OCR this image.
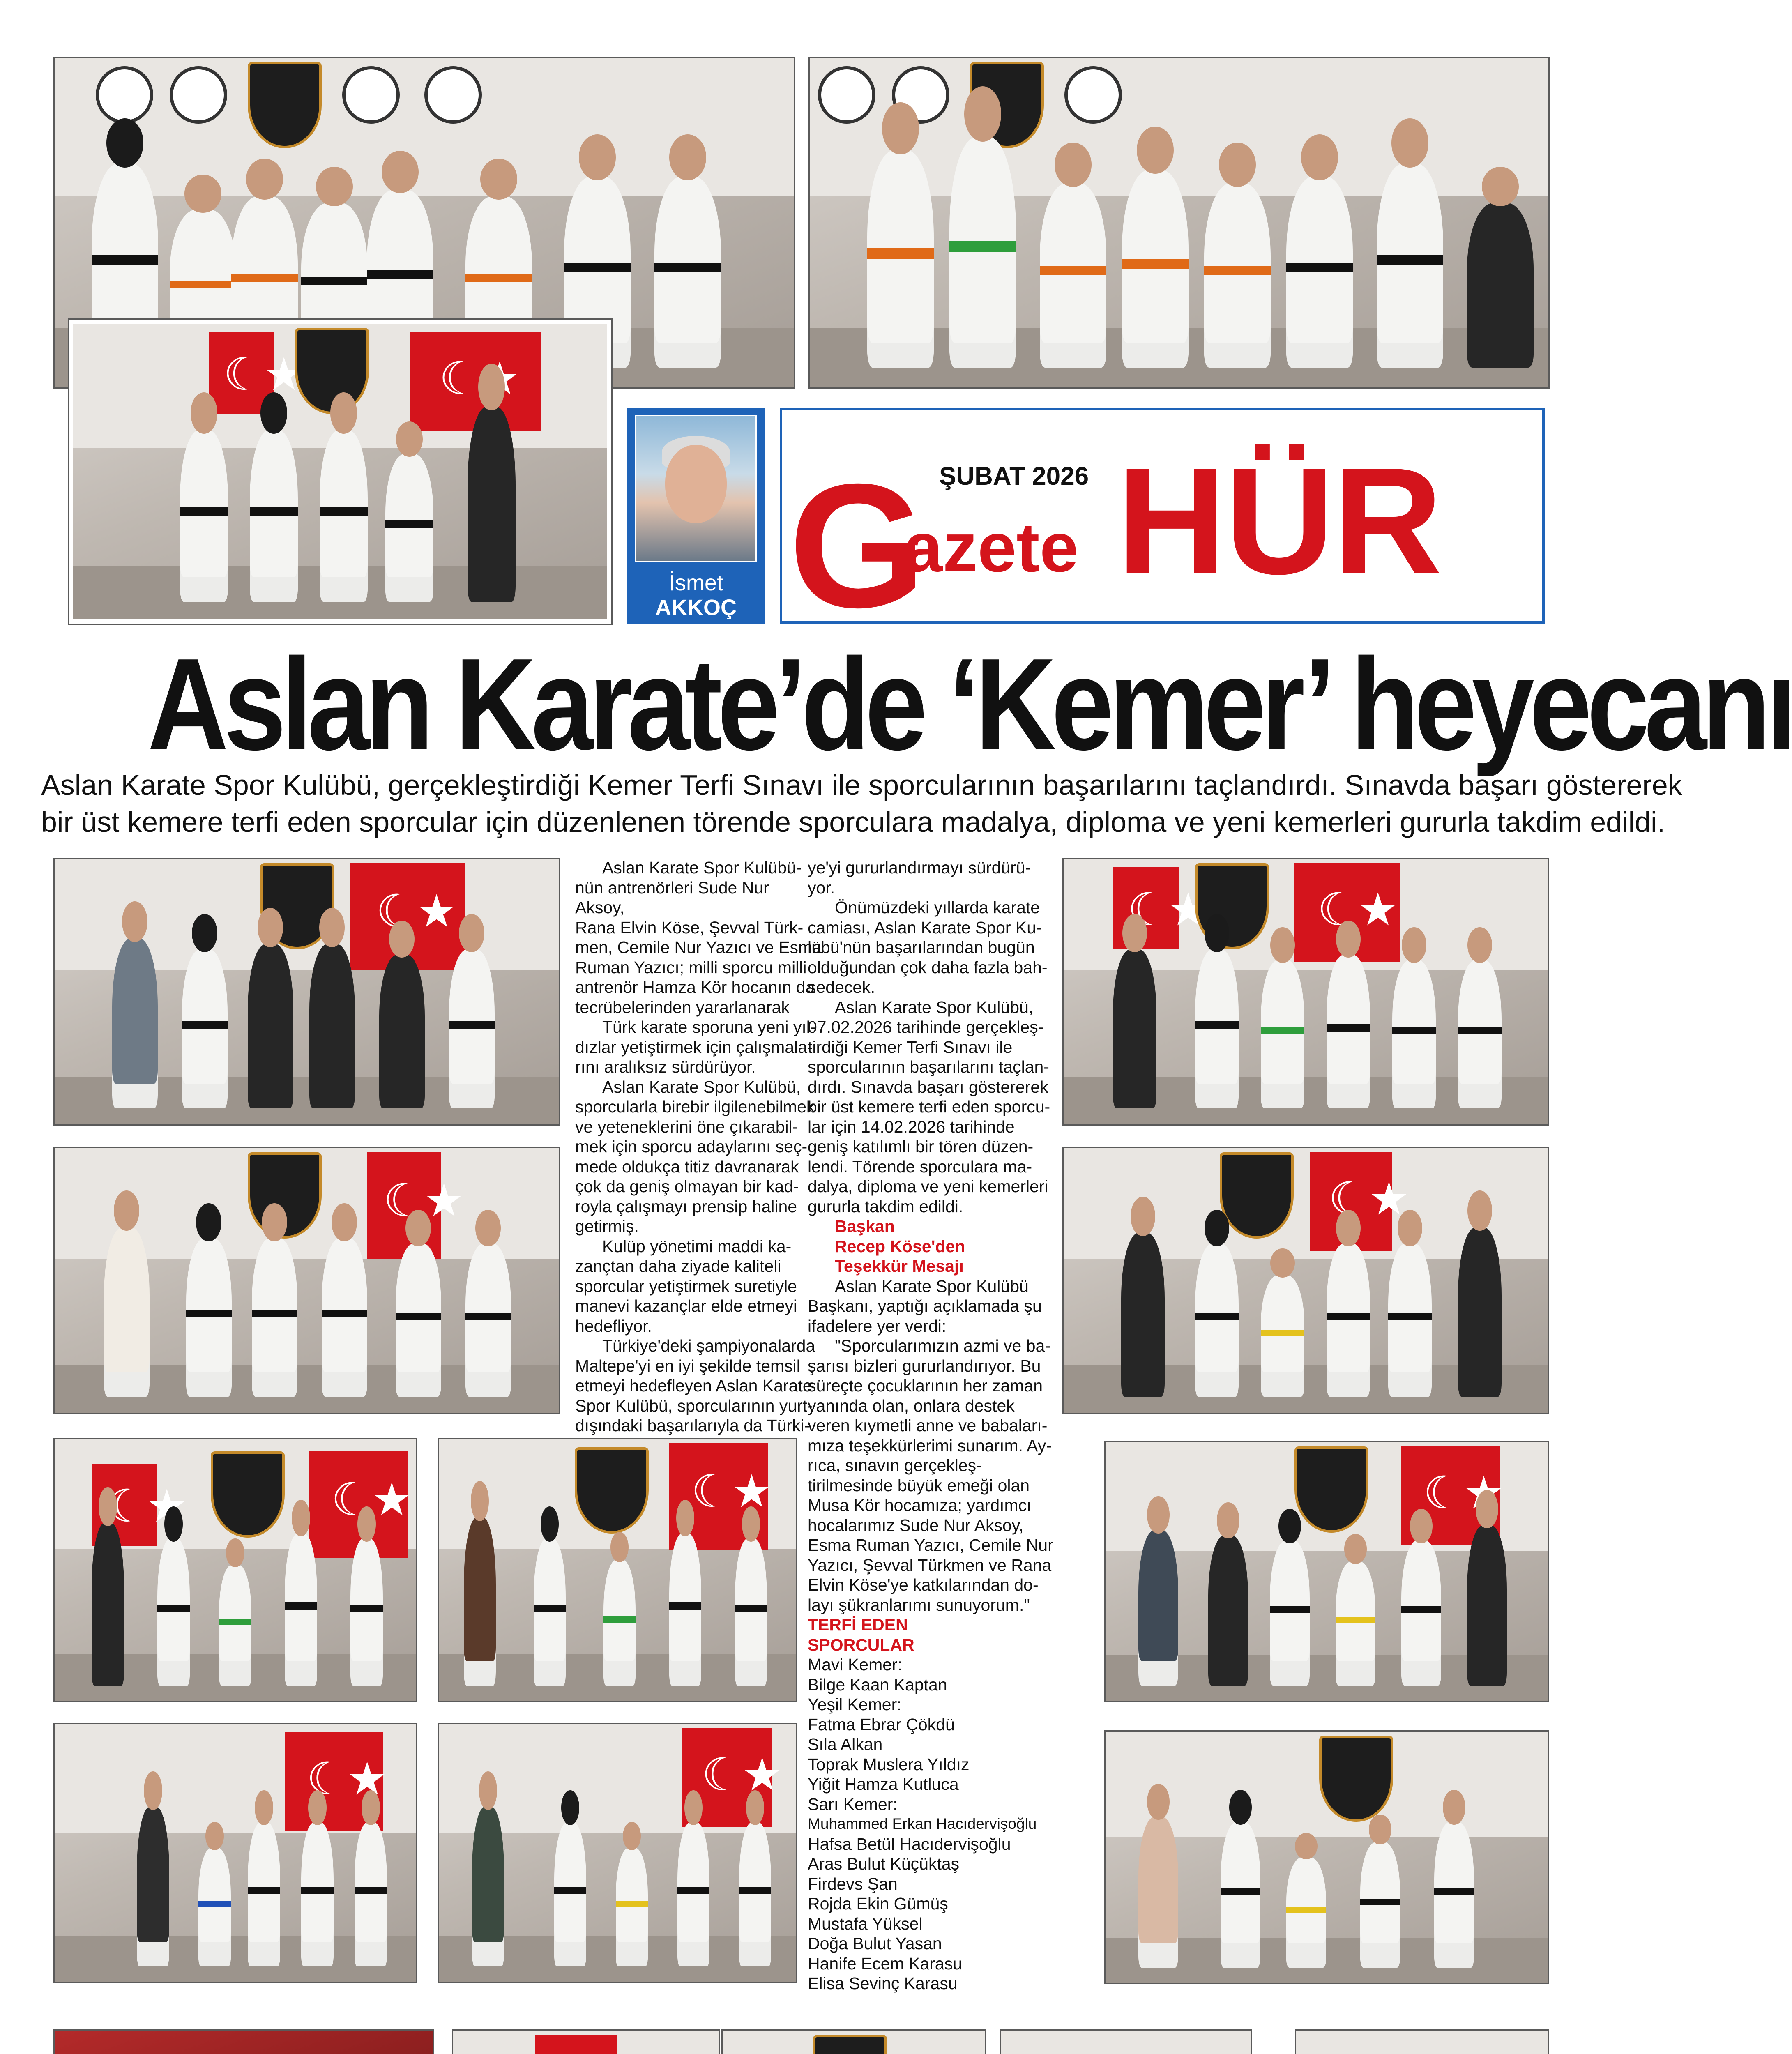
☾★
☾★
İsmet
AKKOÇ
ŞUBAT 2026
G
azete HÜR
Aslan Karate’de ‘Kemer’ heyecanı
Aslan Karate Spor Kulübü, gerçekleştirdiği Kemer Terfi Sınavı ile sporcularının başarılarını taçlandırdı. Sınavda başarı göstererek
bir üst kemere terfi eden sporcular için düzenlenen törende sporculara madalya, diploma ve yeni kemerleri gururla takdim edildi.
☾★
☾★
☾★
☾★
☾★
☾★
☾★
☾★
☾★
☾★
☾★
☾★

Aslan Karate Spor Kulübü-

nün antrenörleri Sude Nur Aksoy,

Rana Elvin Köse, Şevval Türk-

men, Cemile Nur Yazıcı ve Esma

Ruman Yazıcı; milli sporcu milli

antrenör Hamza Kör hocanın da

tecrübelerinden yararlanarak

Türk karate sporuna yeni yıl-

dızlar yetiştirmek için çalışmala-

rını aralıksız sürdürüyor.

Aslan Karate Spor Kulübü,

sporcularla birebir ilgilenebilmek

ve yeteneklerini öne çıkarabil-

mek için sporcu adaylarını seç-

mede oldukça titiz davranarak

çok da geniş olmayan bir kad-

royla çalışmayı prensip haline

getirmiş.

Kulüp yönetimi maddi ka-

zançtan daha ziyade kaliteli

sporcular yetiştirmek suretiyle

manevi kazançlar elde etmeyi

hedefliyor.

Türkiye'deki şampiyonalarda

Maltepe'yi en iyi şekilde temsil

etmeyi hedefleyen Aslan Karate

Spor Kulübü, sporcularının yurt-

dışındaki başarılarıyla da Türki-

ye'yi gururlandırmayı sürdürü-

yor.

Önümüzdeki yıllarda karate

camiası, Aslan Karate Spor Ku-

lübü'nün başarılarından bugün

olduğundan çok daha fazla bah-

sedecek.

Aslan Karate Spor Kulübü,

07.02.2026 tarihinde gerçekleş-

tirdiği Kemer Terfi Sınavı ile

sporcularının başarılarını taçlan-

dırdı. Sınavda başarı göstererek

bir üst kemere terfi eden sporcu-

lar için 14.02.2026 tarihinde

geniş katılımlı bir tören düzen-

lendi. Törende sporculara ma-

dalya, diploma ve yeni kemerleri

gururla takdim edildi.

Başkan

Recep Köse'den

Teşekkür Mesajı

Aslan Karate Spor Kulübü

Başkanı, yaptığı açıklamada şu

ifadelere yer verdi:

"Sporcularımızın azmi ve ba-

şarısı bizleri gururlandırıyor. Bu

süreçte çocuklarının her zaman

yanında olan, onlara destek

veren kıymetli anne ve babaları-

mıza teşekkürlerimi sunarım. Ay-

rıca, sınavın gerçekleş-

tirilmesinde büyük emeği olan

Musa Kör hocamıza; yardımcı

hocalarımız Sude Nur Aksoy,

Esma Ruman Yazıcı, Cemile Nur

Yazıcı, Şevval Türkmen ve Rana

Elvin Köse'ye katkılarından do-

layı şükranlarımı sunuyorum."

TERFİ EDEN

SPORCULAR

Mavi Kemer:

Bilge Kaan Kaptan

Yeşil Kemer:

Fatma Ebrar Çökdü

Sıla Alkan

Toprak Muslera Yıldız

Yiğit Hamza Kutluca

Sarı Kemer:

Muhammed Erkan Hacıdervişoğlu

Hafsa Betül Hacıdervişoğlu

Aras Bulut Küçüktaş

Firdevs Şan

Rojda Ekin Gümüş

Mustafa Yüksel

Doğa Bulut Yasan

Hanife Ecem Karasu

Elisa Sevinç Karasu
